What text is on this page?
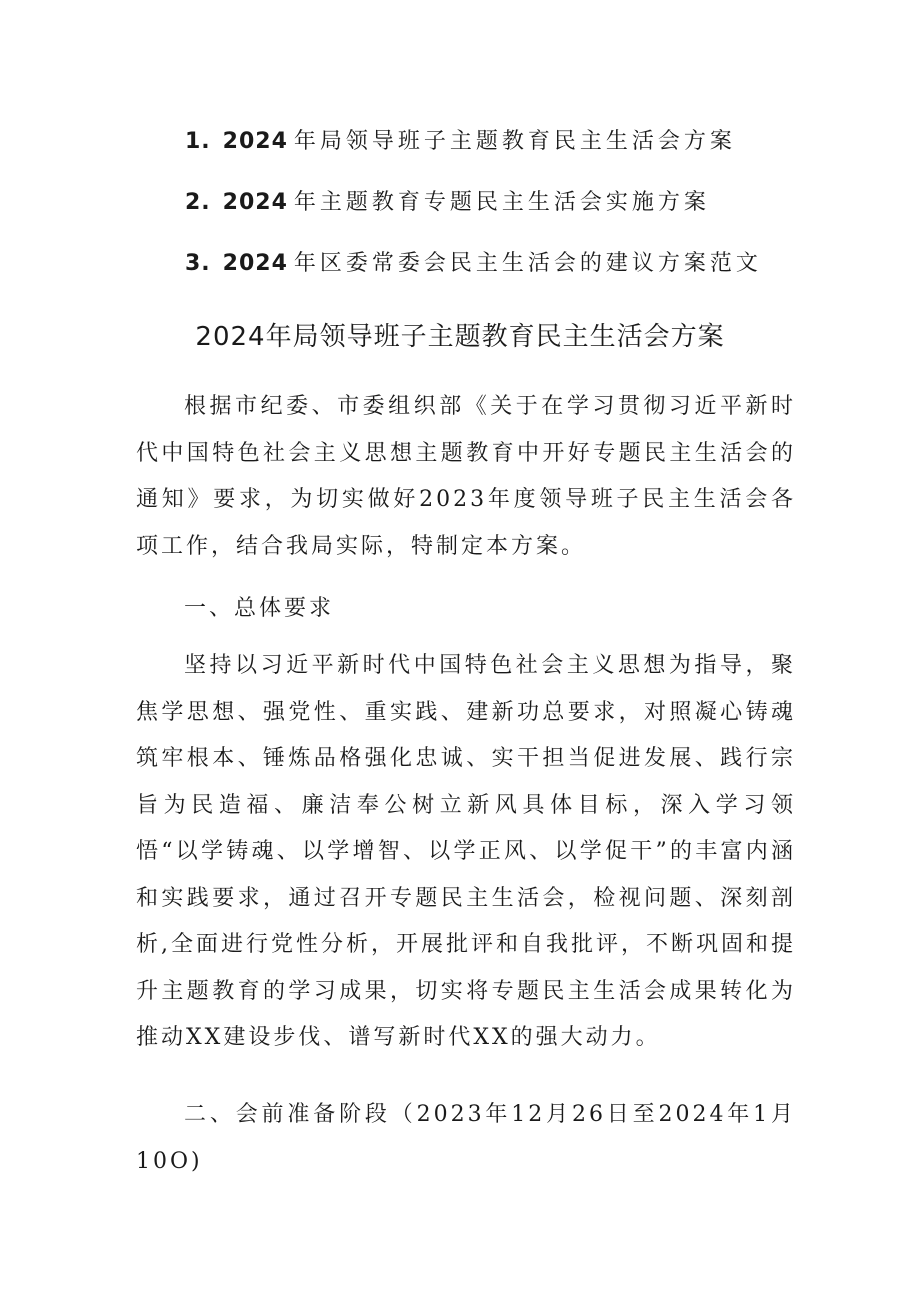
1. 2024 年局领导班子主题教育民主生活会方案
2. 2024 年主题教育专题民主生活会实施方案
3. 2024 年区委常委会民主生活会的建议方案范文
2024年局领导班子主题教育民主生活会方案

根据市纪委、市委组织部《关于在学习贯彻习近平新时代中国特色社会主义思想主题教育中开好专题民主生活会的通知》要求，为切实做好2023年度领导班子民主生活会各项工作，结合我局实际，特制定本方案。

一、总体要求

坚持以习近平新时代中国特色社会主义思想为指导，聚焦学思想、强党性、重实践、建新功总要求，对照凝心铸魂筑牢根本、锤炼品格强化忠诚、实干担当促进发展、践行宗旨为民造福、廉洁奉公树立新风具体目标，深入学习领悟“以学铸魂、以学增智、以学正风、以学促干”的丰富内涵和实践要求，通过召开专题民主生活会，检视问题、深刻剖析,全面进行党性分析，开展批评和自我批评，不断巩固和提升主题教育的学习成果，切实将专题民主生活会成果转化为推动XX建设步伐、谱写新时代XX的强大动力。

二、会前准备阶段（2023年12月26日至2024年1月10O)
